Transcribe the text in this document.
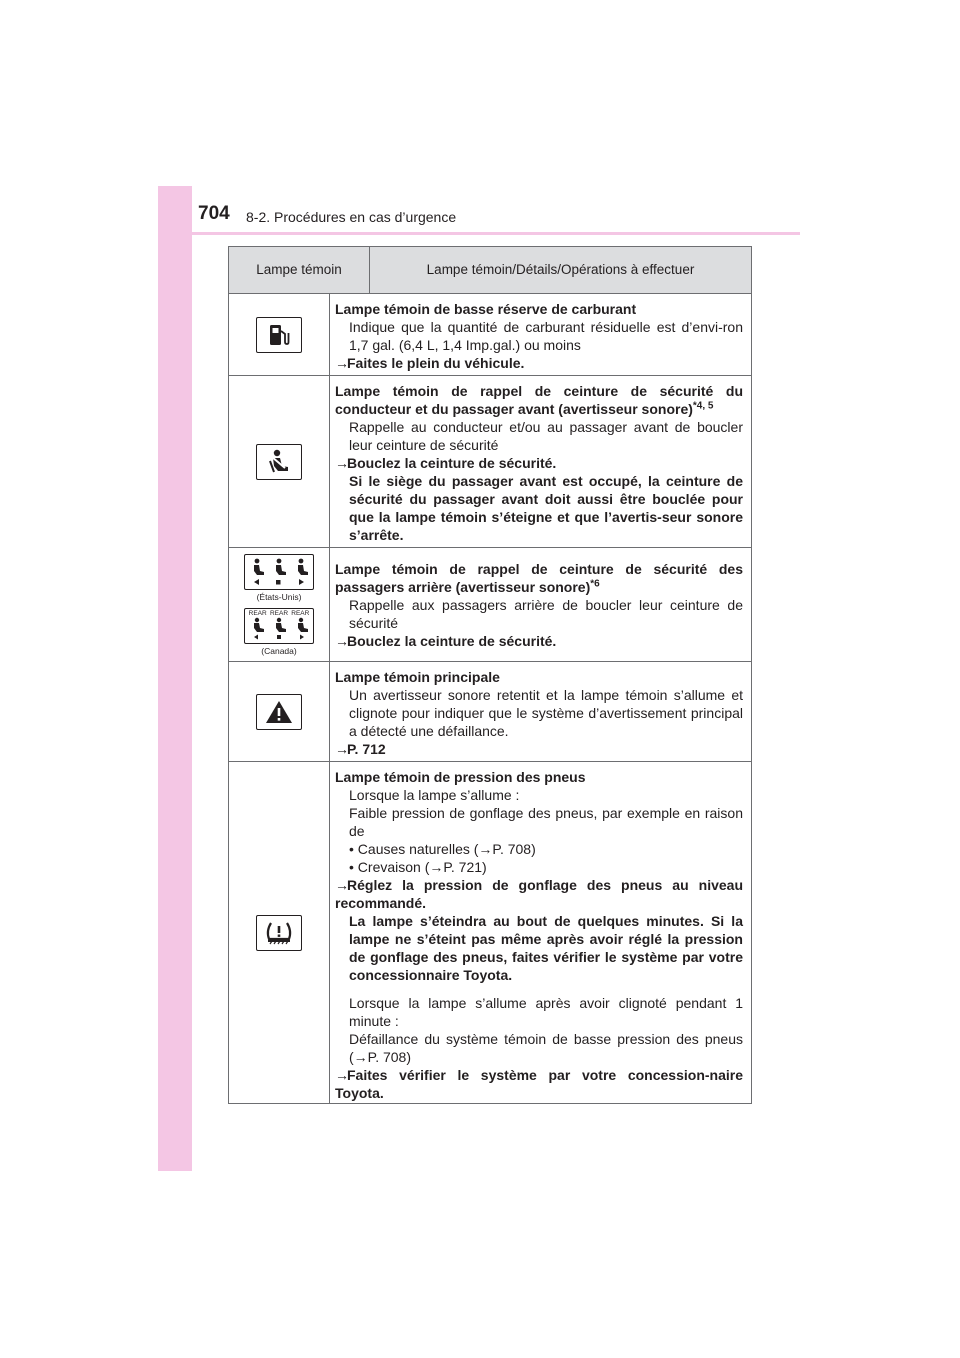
704 8-2. Procédures en cas d’urgence
Lampe témoin	Lampe témoin/Détails/Opérations à effectuer
Lampe témoin de basse réserve de carburant
Indique que la quantité de carburant résiduelle est d’envi-ron 1,7 gal. (6,4 L, 1,4 Imp.gal.) ou moins
→Faites le plein du véhicule.
Lampe témoin de rappel de ceinture de sécurité du conducteur et du passager avant (avertisseur sonore)$^{*4, 5}$
Rappelle au conducteur et/ou au passager avant de boucler leur ceinture de sécurité
→Bouclez la ceinture de sécurité.
Si le siège du passager avant est occupé, la ceinture de sécurité du passager avant doit aussi être bouclée pour que la lampe témoin s’éteigne et que l’avertis-seur sonore s’arrête.
(États-Unis)
REAR REAR REAR
(Canada)
Lampe témoin de rappel de ceinture de sécurité des passagers arrière (avertisseur sonore)$^{*6}$
Rappelle aux passagers arrière de boucler leur ceinture de sécurité
→Bouclez la ceinture de sécurité.
Lampe témoin principale
Un avertisseur sonore retentit et la lampe témoin s’allume et clignote pour indiquer que le système d’avertissement principal a détecté une défaillance.
→P. 712
Lampe témoin de pression des pneus
Lorsque la lampe s’allume :
Faible pression de gonflage des pneus, par exemple en raison de
• Causes naturelles (→P. 708)
• Crevaison (→P. 721)
→Réglez la pression de gonflage des pneus au niveau recommandé.
La lampe s’éteindra au bout de quelques minutes. Si la lampe ne s’éteint pas même après avoir réglé la pression de gonflage des pneus, faites vérifier le système par votre concessionnaire Toyota.
Lorsque la lampe s’allume après avoir clignoté pendant 1 minute :
Défaillance du système témoin de basse pression des pneus (→P. 708)
→Faites vérifier le système par votre concession-naire Toyota.
